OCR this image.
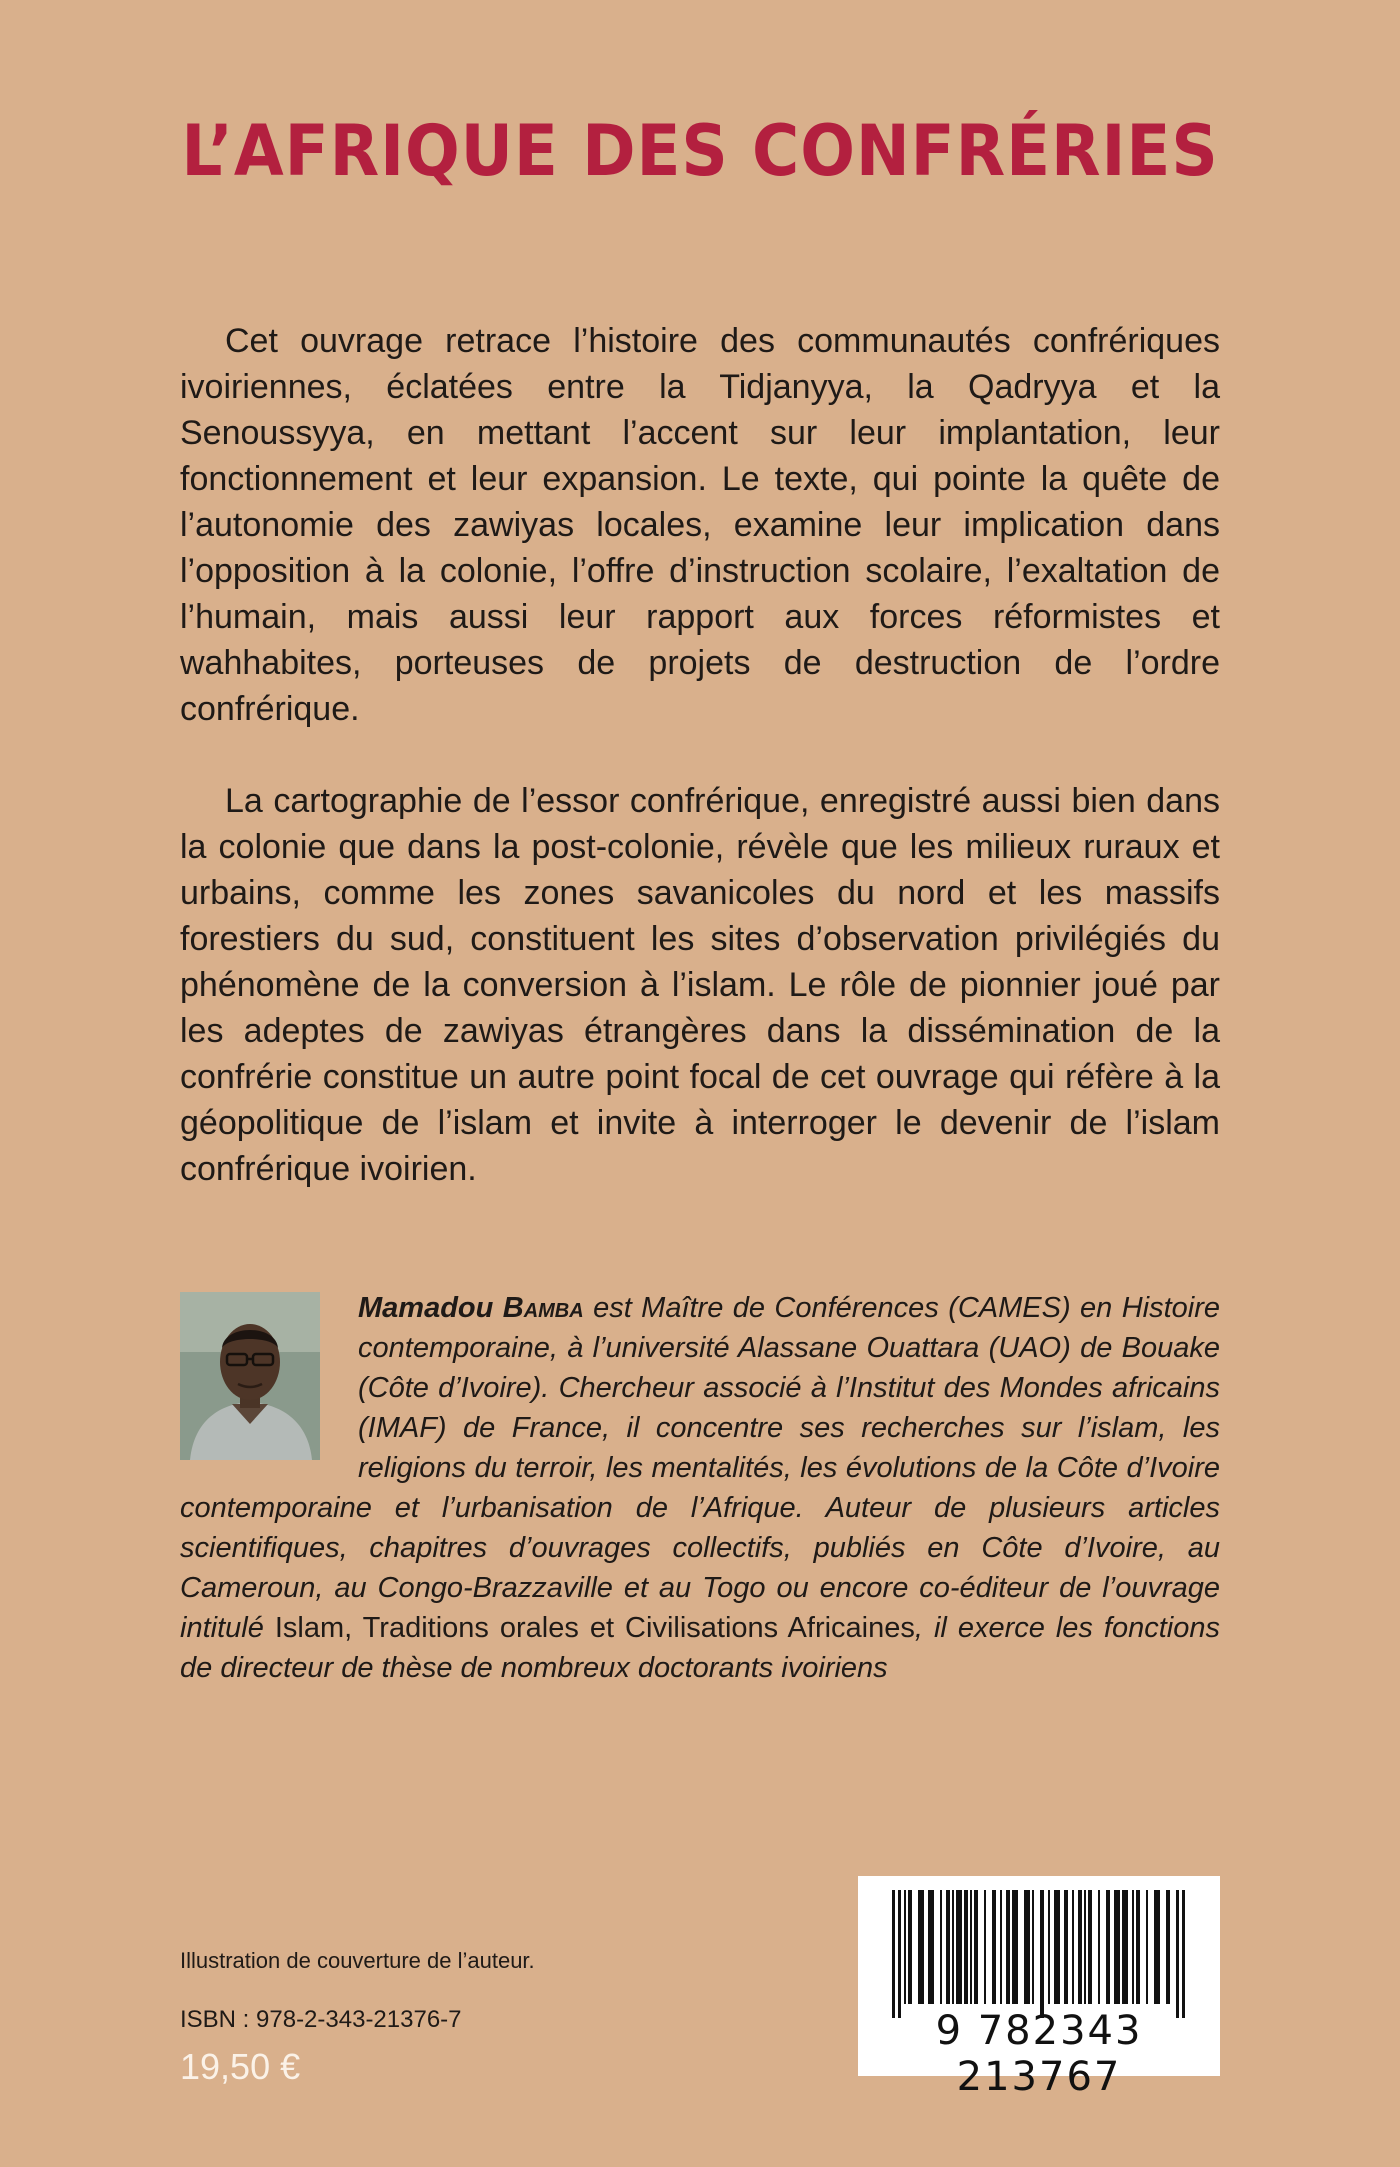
L’AFRIQUE DES CONFRÉRIES

Cet ouvrage retrace l’histoire des communautés confrériques ivoiriennes, éclatées entre la Tidjanyya, la Qadryya et la Senoussyya, en mettant l’accent sur leur implantation, leur fonctionnement et leur expansion. Le texte, qui pointe la quête de l’autonomie des zawiyas locales, examine leur implication dans l’opposition à la colonie, l’offre d’instruction scolaire, l’exaltation de l’humain, mais aussi leur rapport aux forces réformistes et wahhabites, porteuses de projets de destruction de l’ordre confrérique.

La cartographie de l’essor confrérique, enregistré aussi bien dans la colonie que dans la post-colonie, révèle que les milieux ruraux et urbains, comme les zones savanicoles du nord et les massifs forestiers du sud, constituent les sites d’observation privilégiés du phénomène de la conversion à l’islam. Le rôle de pionnier joué par les adeptes de zawiyas étrangères dans la dissémination de la confrérie constitue un autre point focal de cet ouvrage qui réfère à la géopolitique de l’islam et invite à interroger le devenir de l’islam confrérique ivoirien.

Mamadou Bamba est Maître de Conférences (CAMES) en Histoire contemporaine, à l’université Alassane Ouattara (UAO) de Bouake (Côte d’Ivoire). Chercheur associé à l’Institut des Mondes africains (IMAF) de France, il concentre ses recherches sur l’islam, les religions du terroir, les mentalités, les évolutions de la Côte d’Ivoire contemporaine et l’urbanisation de l’Afrique. Auteur de plusieurs articles scientifiques, chapitres d’ouvrages collectifs, publiés en Côte d’Ivoire, au Cameroun, au Congo-Brazzaville et au Togo ou encore co-éditeur de l’ouvrage intitulé Islam, Traditions orales et Civilisations Africaines, il exerce les fonctions de directeur de thèse de nombreux doctorants ivoiriens
Illustration de couverture de l’auteur.
ISBN : 978-2-343-21376-7
19,50 €
9 782343 213767
